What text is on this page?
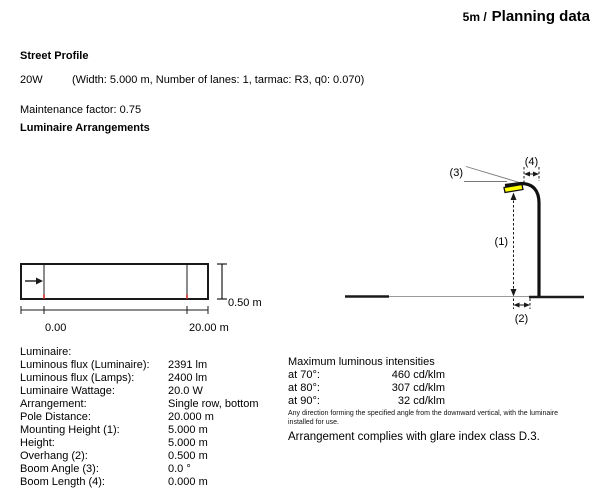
5m / Planning data
Street Profile
20W	(Width: 5.000 m, Number of lanes: 1, tarmac: R3, q0: 0.070)
Maintenance factor: 0.75
Luminaire Arrangements
0.00	20.00 m
0.50 m
(3)
(4)
(1)
(2)
Luminaire:
Luminous flux (Luminaire):	2391 lm
Luminous flux (Lamps):	2400 lm
Luminaire Wattage:	20.0 W
Arrangement:	Single row, bottom
Pole Distance:	20.000 m
Mounting Height (1):	5.000 m
Height:	5.000 m
Overhang (2):	0.500 m
Boom Angle (3):	0.0 °
Boom Length (4):	0.000 m
Maximum luminous intensities
at 70°:	460 cd/klm
at 80°:	307 cd/klm
at 90°:	32 cd/klm
Any direction forming the specified angle from the downward vertical, with the luminaire installed for use.
Arrangement complies with glare index class D.3.
